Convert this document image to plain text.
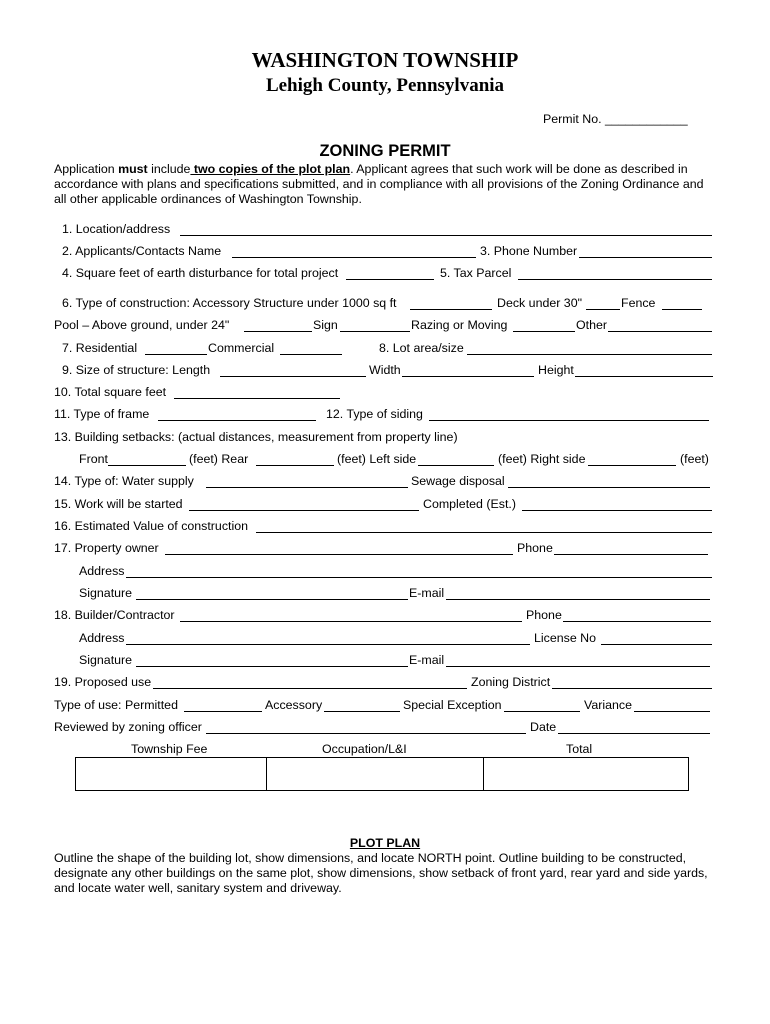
WASHINGTON TOWNSHIP
Lehigh County, Pennsylvania
Permit No. ____________
ZONING PERMIT
Application must include two copies of the plot plan. Applicant agrees that such work will be done as described in accordance with plans and specifications submitted, and in compliance with all provisions of the Zoning Ordinance and all other applicable ordinances of Washington Township.
1. Location/address
2. Applicants/Contacts Name	3. Phone Number
4. Square feet of earth disturbance for total project	5. Tax Parcel
6. Type of construction: Accessory Structure under 1000 sq ft	Deck under 30"	Fence
Pool – Above ground, under 24"	Sign	Razing or Moving	Other
7. Residential	Commercial	8. Lot area/size
9. Size of structure: Length	Width	Height
10. Total square feet
11. Type of frame	12. Type of siding
13. Building setbacks: (actual distances, measurement from property line)
Front	(feet) Rear	(feet) Left side	(feet) Right side	(feet)
14. Type of: Water supply	Sewage disposal
15. Work will be started	Completed (Est.)
16. Estimated Value of construction
17. Property owner	Phone
Address
Signature	E-mail
18. Builder/Contractor	Phone
Address	License No
Signature	E-mail
19. Proposed use	Zoning District
Type of use: Permitted	Accessory	Special Exception	Variance
Reviewed by zoning officer	Date
Township Fee	Occupation/L&I	Total
PLOT PLAN
Outline the shape of the building lot, show dimensions, and locate NORTH point. Outline building to be constructed, designate any other buildings on the same plot, show dimensions, show setback of front yard, rear yard and side yards, and locate water well, sanitary system and driveway.
